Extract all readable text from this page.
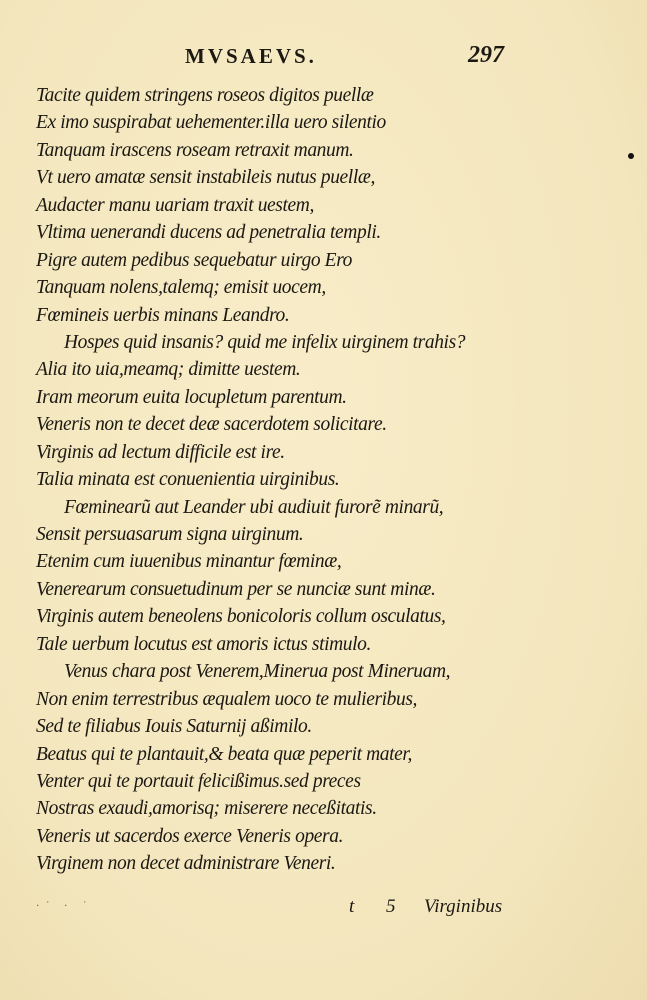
MVSAEVS.	297
Tacite quidem stringens roseos digitos puellæ
Ex imo suspirabat uehementer.illa uero silentio
Tanquam irascens roseam retraxit manum.
Vt uero amatæ sensit instabileis nutus puellæ,
Audacter manu uariam traxit uestem,
Vltima uenerandi ducens ad penetralia templi.
Pigre autem pedibus sequebatur uirgo Ero
Tanquam nolens,talemq; emisit uocem,
Fœmineis uerbis minans Leandro.
Hospes quid insanis? quid me infelix uirginem trahis?
Alia ito uia,meamq; dimitte uestem.
Iram meorum euita locupletum parentum.
Veneris non te decet deæ sacerdotem solicitare.
Virginis ad lectum difficile est ire.
Talia minata est conuenientia uirginibus.
Fœminearũ aut Leander ubi audiuit furorẽ minarũ,
Sensit persuasarum signa uirginum.
Etenim cum iuuenibus minantur fœminæ,
Venerearum consuetudinum per se nunciæ sunt minæ.
Virginis autem beneolens bonicoloris collum osculatus,
Tale uerbum locutus est amoris ictus stimulo.
Venus chara post Venerem,Minerua post Mineruam,
Non enim terrestribus æqualem uoco te mulieribus,
Sed te filiabus Iouis Saturnij aßimilo.
Beatus qui te plantauit,& beata quæ peperit mater,
Venter qui te portauit felicißimus.sed preces
Nostras exaudi,amorisq; miserere neceßitatis.
Veneris ut sacerdos exerce Veneris opera.
Virginem non decet administrare Veneri.
·˙ · ˙	t 5 Virginibus
